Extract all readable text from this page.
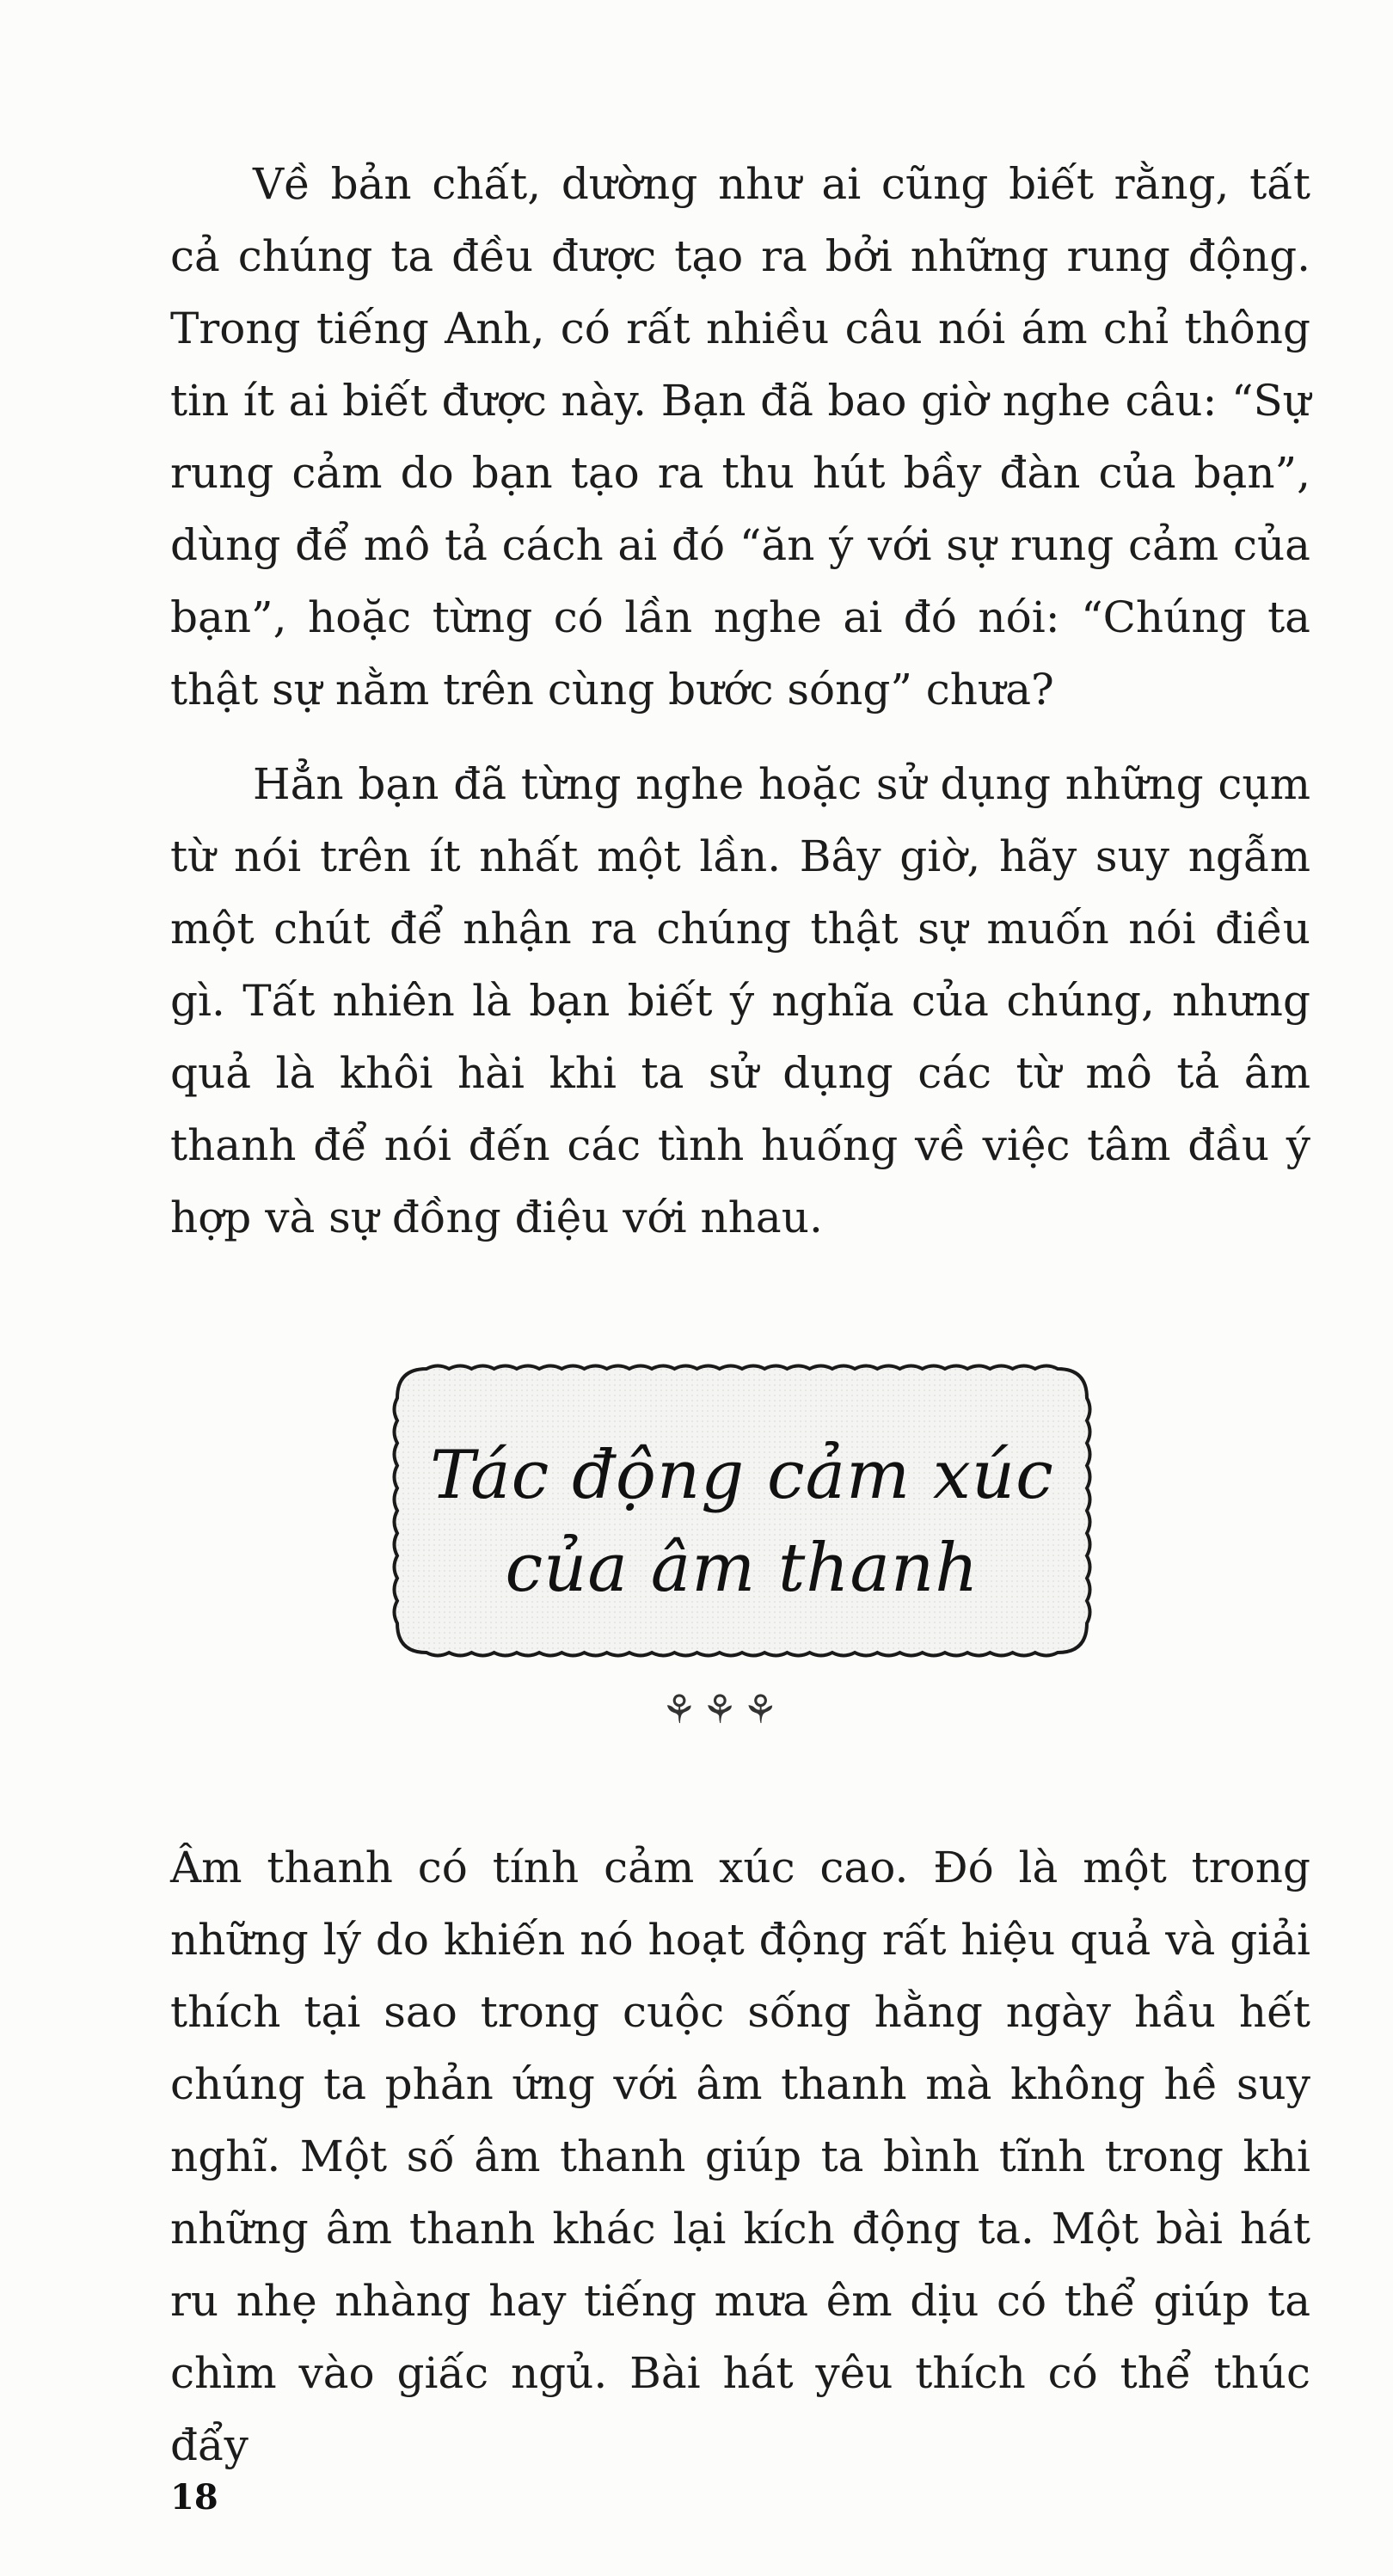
Về bản chất, dường như ai cũng biết rằng, tất cả chúng ta đều được tạo ra bởi những rung động. Trong tiếng Anh, có rất nhiều câu nói ám chỉ thông tin ít ai biết được này. Bạn đã bao giờ nghe câu: “Sự rung cảm do bạn tạo ra thu hút bầy đàn của bạn”, dùng để mô tả cách ai đó “ăn ý với sự rung cảm của bạn”, hoặc từng có lần nghe ai đó nói: “Chúng ta thật sự nằm trên cùng bước sóng” chưa?

Hẳn bạn đã từng nghe hoặc sử dụng những cụm từ nói trên ít nhất một lần. Bây giờ, hãy suy ngẫm một chút để nhận ra chúng thật sự muốn nói điều gì. Tất nhiên là bạn biết ý nghĩa của chúng, nhưng quả là khôi hài khi ta sử dụng các từ mô tả âm thanh để nói đến các tình huống về việc tâm đầu ý hợp và sự đồng điệu với nhau.

Tác động cảm xúc
của âm thanh
⚘⚘⚘

Âm thanh có tính cảm xúc cao. Đó là một trong những lý do khiến nó hoạt động rất hiệu quả và giải thích tại sao trong cuộc sống hằng ngày hầu hết chúng ta phản ứng với âm thanh mà không hề suy nghĩ. Một số âm thanh giúp ta bình tĩnh trong khi những âm thanh khác lại kích động ta. Một bài hát ru nhẹ nhàng hay tiếng mưa êm dịu có thể giúp ta chìm vào giấc ngủ. Bài hát yêu thích có thể thúc đẩy

18
